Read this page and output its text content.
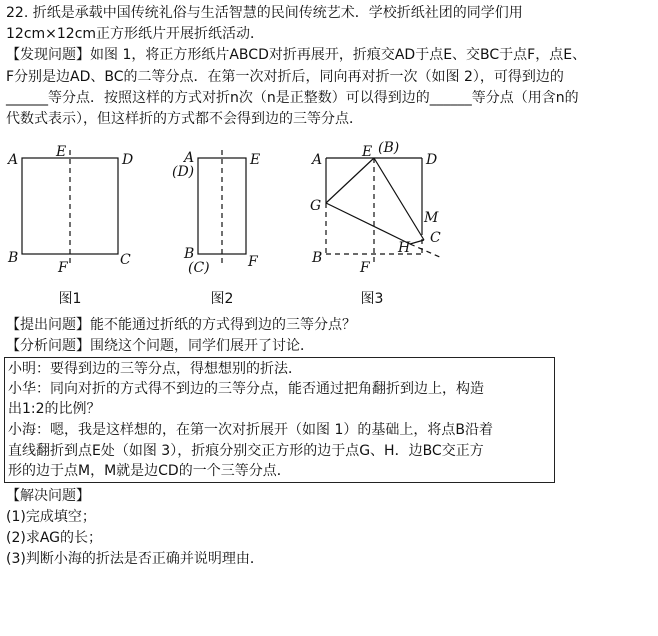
22. 折纸是承载中国传统礼俗与生活智慧的民间传统艺术．学校折纸社团的同学们用
12cm×12cm正方形纸片开展折纸活动．
【发现问题】如图 1，将正方形纸片ABCD对折再展开，折痕交AD于点E、交BC于点F，点E、
F分别是边AD、BC的二等分点．在第一次对折后，同向再对折一次（如图 2），可得到边的
______等分点．按照这样的方式对折n次（n是正整数）可以得到边的______等分点（用含n的
代数式表示），但这样折的方式都不会得到边的三等分点．
A	E	D
B
F	C
A
(D)
E
B
(C)	F
A	E (B)
D
G
M
C
H
B
F
图1	图2	图3
【提出问题】能不能通过折纸的方式得到边的三等分点？
【分析问题】围绕这个问题，同学们展开了讨论．
小明：要得到边的三等分点，得想想别的折法．
小华：同向对折的方式得不到边的三等分点，能否通过把角翻折到边上，构造
出1:2的比例？
小海：嗯，我是这样想的，在第一次对折展开（如图 1）的基础上，将点B沿着
直线翻折到点E处（如图 3），折痕分别交正方形的边于点G、H．边BC交正方
形的边于点M，M就是边CD的一个三等分点．
【解决问题】
(1)完成填空；
(2)求AG的长；
(3)判断小海的折法是否正确并说明理由．
